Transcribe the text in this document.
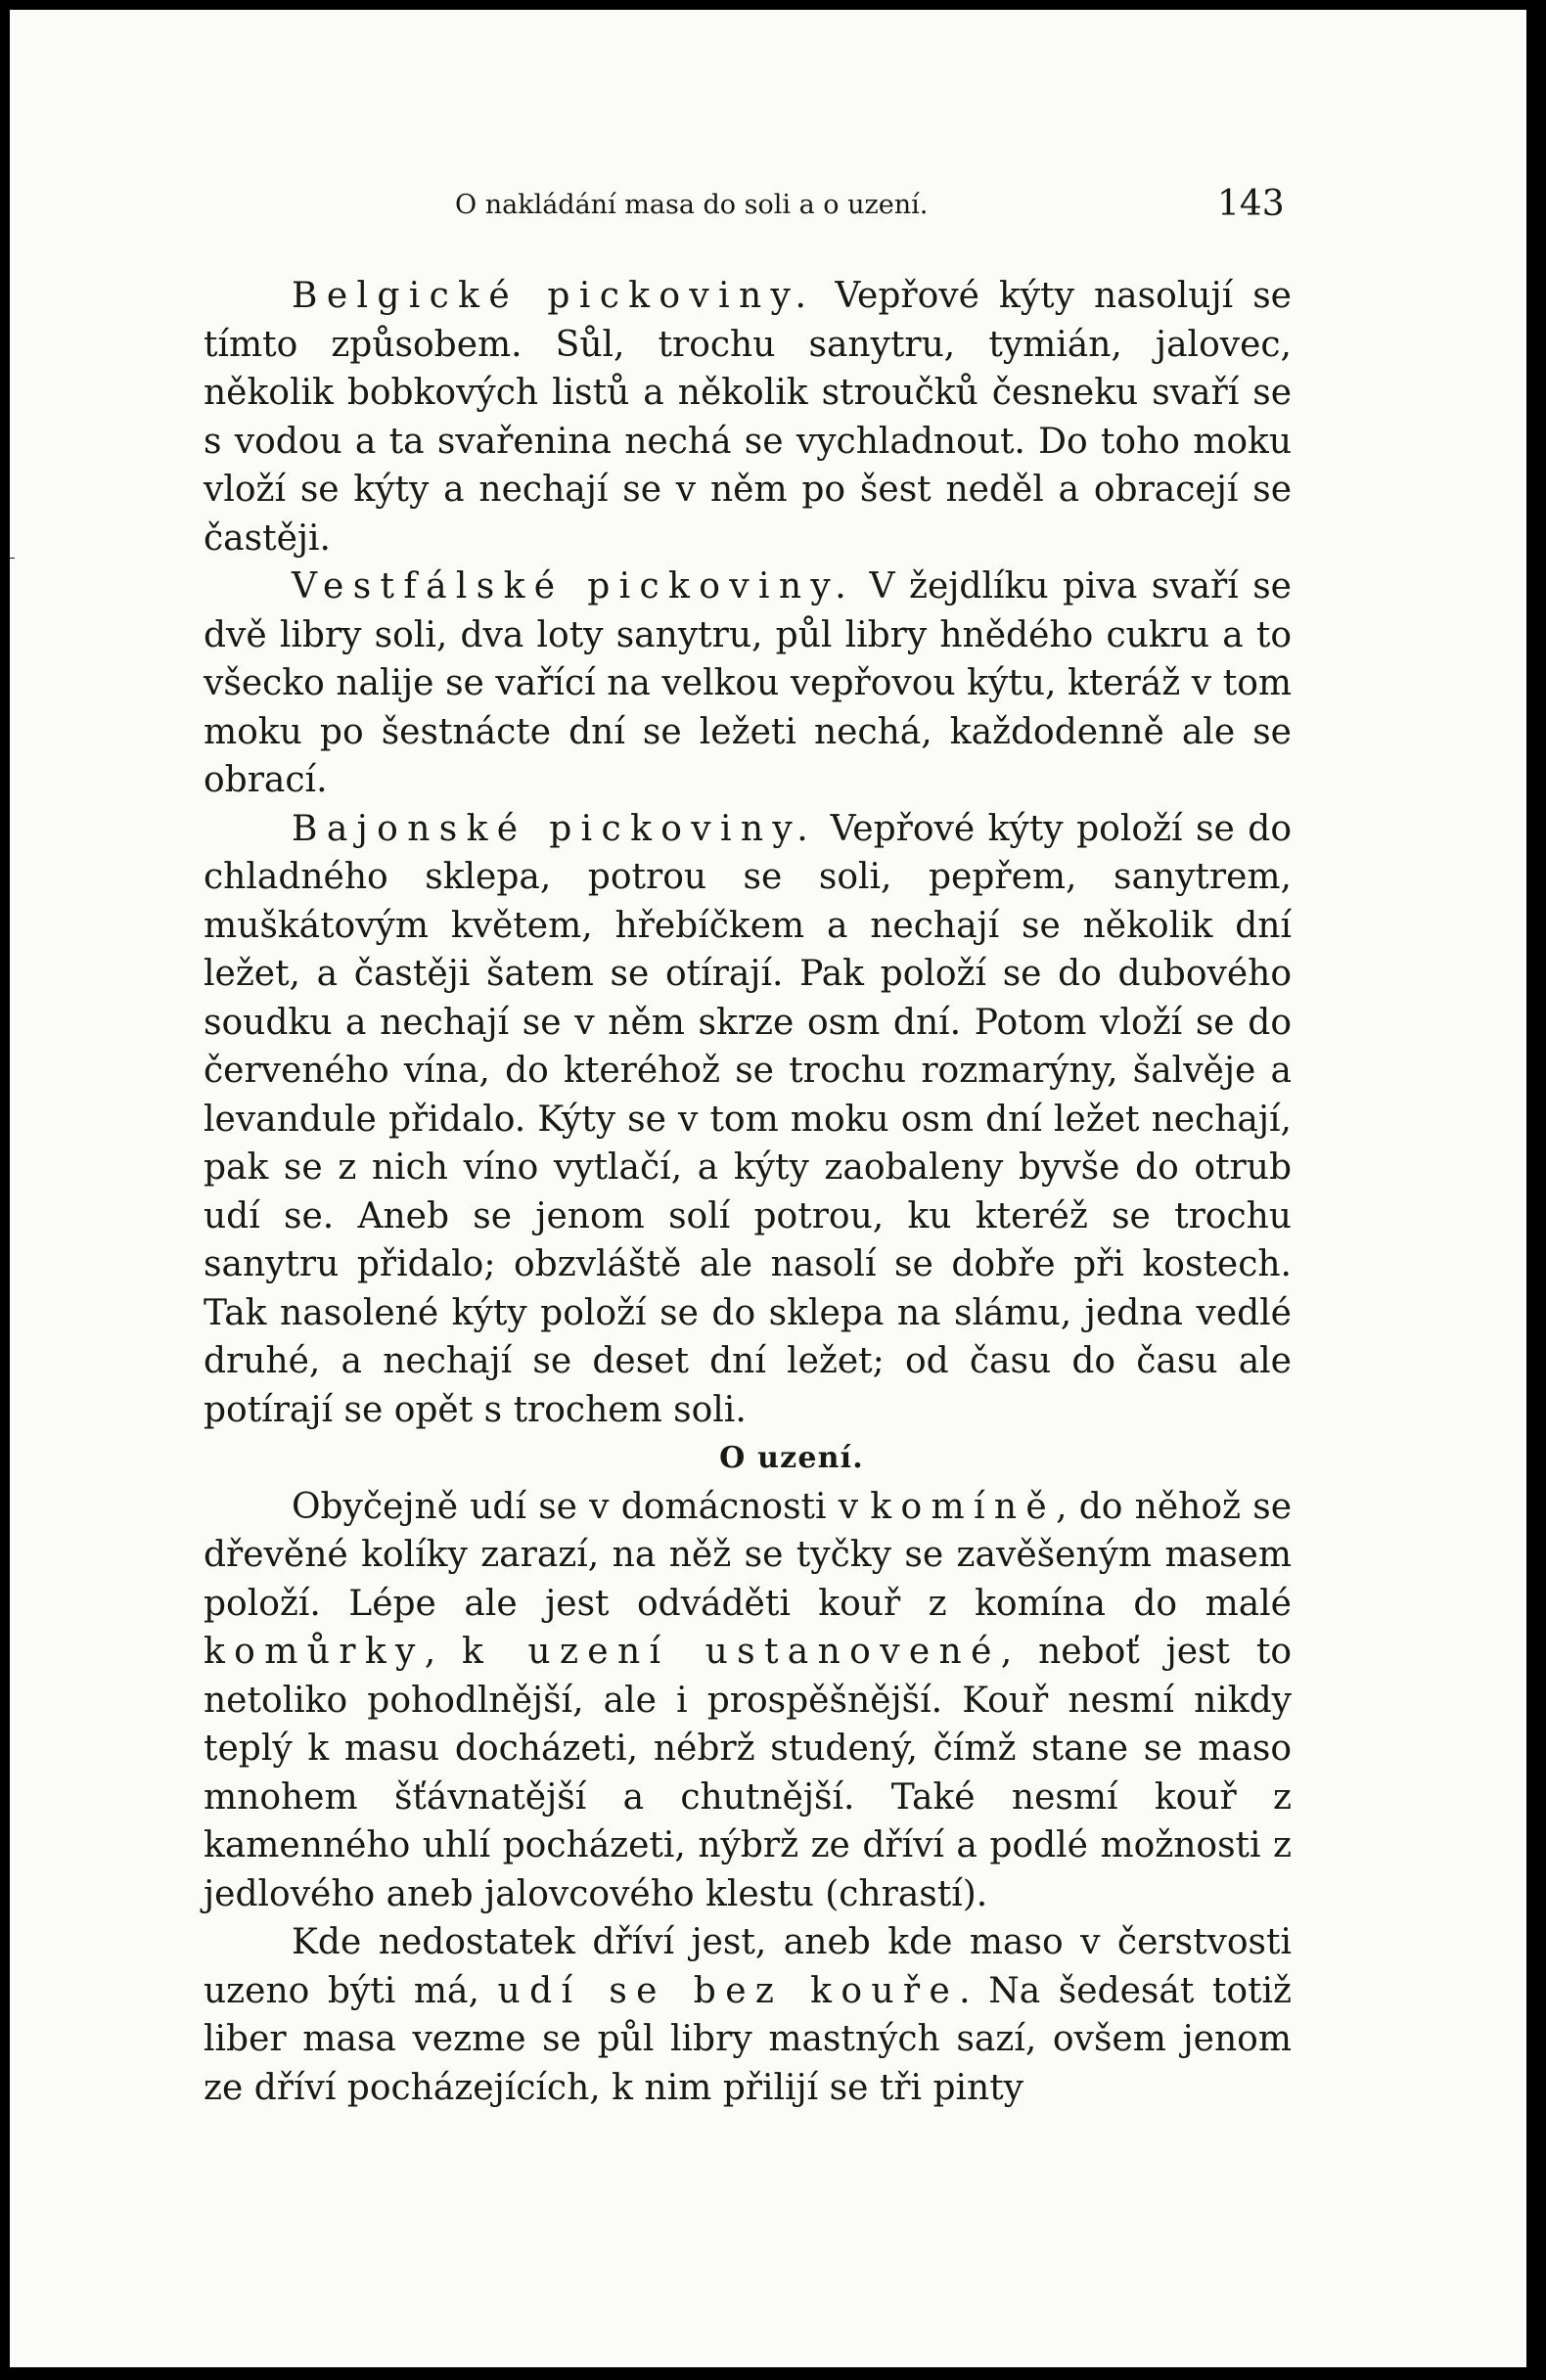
O nakládání masa do soli a o uzení.	143

Belgické pickoviny. Vepřové kýty nasolují se tímto způsobem. Sůl, trochu sanytru, tymián, jalovec, několik bobkových listů a několik stroučků česneku svaří se s vodou a ta svařenina nechá se vychladnout. Do toho moku vloží se kýty a nechají se v něm po šest neděl a obracejí se častěji.

Vestfálské pickoviny. V žejdlíku piva svaří se dvě libry soli, dva loty sanytru, půl libry hnědého cukru a to všecko nalije se vařící na velkou vepřovou kýtu, kteráž v tom moku po šestnácte dní se ležeti nechá, každodenně ale se obrací.

Bajonské pickoviny. Vepřové kýty položí se do chladného sklepa, potrou se soli, pepřem, sanytrem, muškátovým květem, hřebíčkem a nechají se několik dní ležet, a častěji šatem se otírají. Pak položí se do dubového soudku a nechají se v něm skrze osm dní. Potom vloží se do červeného vína, do kteréhož se trochu rozmarýny, šalvěje a levandule přidalo. Kýty se v tom moku osm dní ležet nechají, pak se z nich víno vytlačí, a kýty zaobaleny byvše do otrub udí se. Aneb se jenom solí potrou, ku kteréž se trochu sanytru přidalo; obzvláště ale nasolí se dobře při kostech. Tak nasolené kýty položí se do sklepa na slámu, jedna vedlé druhé, a nechají se deset dní ležet; od času do času ale potírají se opět s trochem soli.

O uzení.

Obyčejně udí se v domácnosti v komíně, do něhož se dřevěné kolíky zarazí, na něž se tyčky se zavěšeným masem položí. Lépe ale jest odváděti kouř z komína do malé komůrky, k uzení ustanovené, neboť jest to netoliko pohodlnější, ale i prospěšnější. Kouř nesmí nikdy teplý k masu docházeti, nébrž studený, čímž stane se maso mnohem šťávnatější a chutnější. Také nesmí kouř z kamenného uhlí pocházeti, nýbrž ze dříví a podlé možnosti z jedlového aneb jalovcového klestu (chrastí).

Kde nedostatek dříví jest, aneb kde maso v čerstvosti uzeno býti má, udí se bez kouře. Na šedesát totiž liber masa vezme se půl libry mastných sazí, ovšem jenom ze dříví pocházejících, k nim přilijí se tři pinty
